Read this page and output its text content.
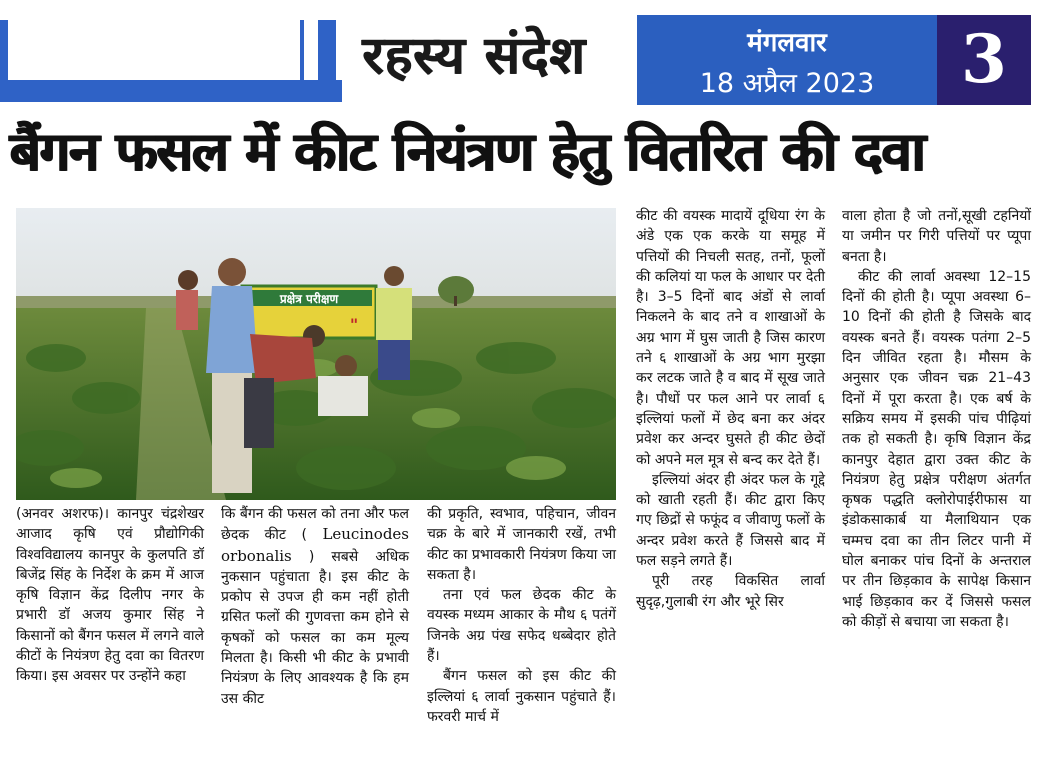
रहस्य संदेश	मंगलवार
18 अप्रैल 2023	3
बैंगन फसल में कीट नियंत्रण हेतु वितरित की दवा
प्रक्षेत्र परीक्षण
"

(अनवर अशरफ)। कानपुर चंद्रशेखर आजाद कृषि एवं प्रौद्योगिकी विश्वविद्यालय कानपुर के कुलपति डॉ बिजेंद्र सिंह के निर्देश के क्रम में आज कृषि विज्ञान केंद्र दिलीप नगर के प्रभारी डॉ अजय कुमार सिंह ने किसानों को बैंगन फसल में लगने वाले कीटों के नियंत्रण हेतु दवा का वितरण किया। इस अवसर पर उन्होंने कहा

कि बैंगन की फसल को तना और फल छेदक कीट ( Leucinodes orbonalis ) सबसे अधिक नुकसान पहुंचाता है। इस कीट के प्रकोप से उपज ही कम नहीं होती ग्रसित फलों की गुणवत्ता कम होने से कृषकों को फसल का कम मूल्य मिलता है। किसी भी कीट के प्रभावी नियंत्रण के लिए आवश्यक है कि हम उस कीट

की प्रकृति, स्वभाव, पहिचान, जीवन चक्र के बारे में जानकारी रखें, तभी कीट का प्रभावकारी नियंत्रण किया जा सकता है।

तना एवं फल छेदक कीट के वयस्क मध्यम आकार के मौथ ६ पतंगें जिनके अग्र पंख सफेद धब्बेदार होते हैं।

बैंगन फसल को इस कीट की इल्लियां ६ लार्वा नुकसान पहुंचाते हैं। फरवरी मार्च में

कीट की वयस्क मादायें दूधिया रंग के अंडे एक एक करके या समूह में पत्तियों की निचली सतह, तनों, फूलों की कलियां या फल के आधार पर देती है। 3–5 दिनों बाद अंडों से लार्वा निकलने के बाद तने व शाखाओं के अग्र भाग में घुस जाती है जिस कारण तने ६ शाखाओं के अग्र भाग मुरझा कर लटक जाते है व बाद में सूख जाते है। पौधों पर फल आने पर लार्वा ६ इल्लियां फलों में छेद बना कर अंदर प्रवेश कर अन्दर घुसते ही कीट छेदों को अपने मल मूत्र से बन्द कर देते हैं।

इल्लियां अंदर ही अंदर फल के गूद्दे को खाती रहती हैं। कीट द्वारा किए गए छिद्रों से फफूंद व जीवाणु फलों के अन्दर प्रवेश करते हैं जिससे बाद में फल सड़ने लगते हैं।

पूरी तरह विकसित लार्वा सुदृढ़,गुलाबी रंग और भूरे सिर

वाला होता है जो तनों,सूखी टहनियों या जमीन पर गिरी पत्तियों पर प्यूपा बनता है।

कीट की लार्वा अवस्था 12–15 दिनों की होती है। प्यूपा अवस्था 6–10 दिनों की होती है जिसके बाद वयस्क बनते हैं। वयस्क पतंगा 2–5 दिन जीवित रहता है। मौसम के अनुसार एक जीवन चक्र 21–43 दिनों में पूरा करता है। एक बर्ष के सक्रिय समय में इसकी पांच पीढ़ियां तक हो सकती है। कृषि विज्ञान केंद्र कानपुर देहात द्वारा उक्त कीट के नियंत्रण हेतु प्रक्षेत्र परीक्षण अंतर्गत कृषक पद्धति क्लोरोपाईरीफास या इंडोकसाकार्ब या मैलाथियान एक चम्मच दवा का तीन लिटर पानी में घोल बनाकर पांच दिनों के अन्तराल पर तीन छिड़काव के सापेक्ष किसान भाई छिड़काव कर दें जिससे फसल को कीड़ों से बचाया जा सकता है।
